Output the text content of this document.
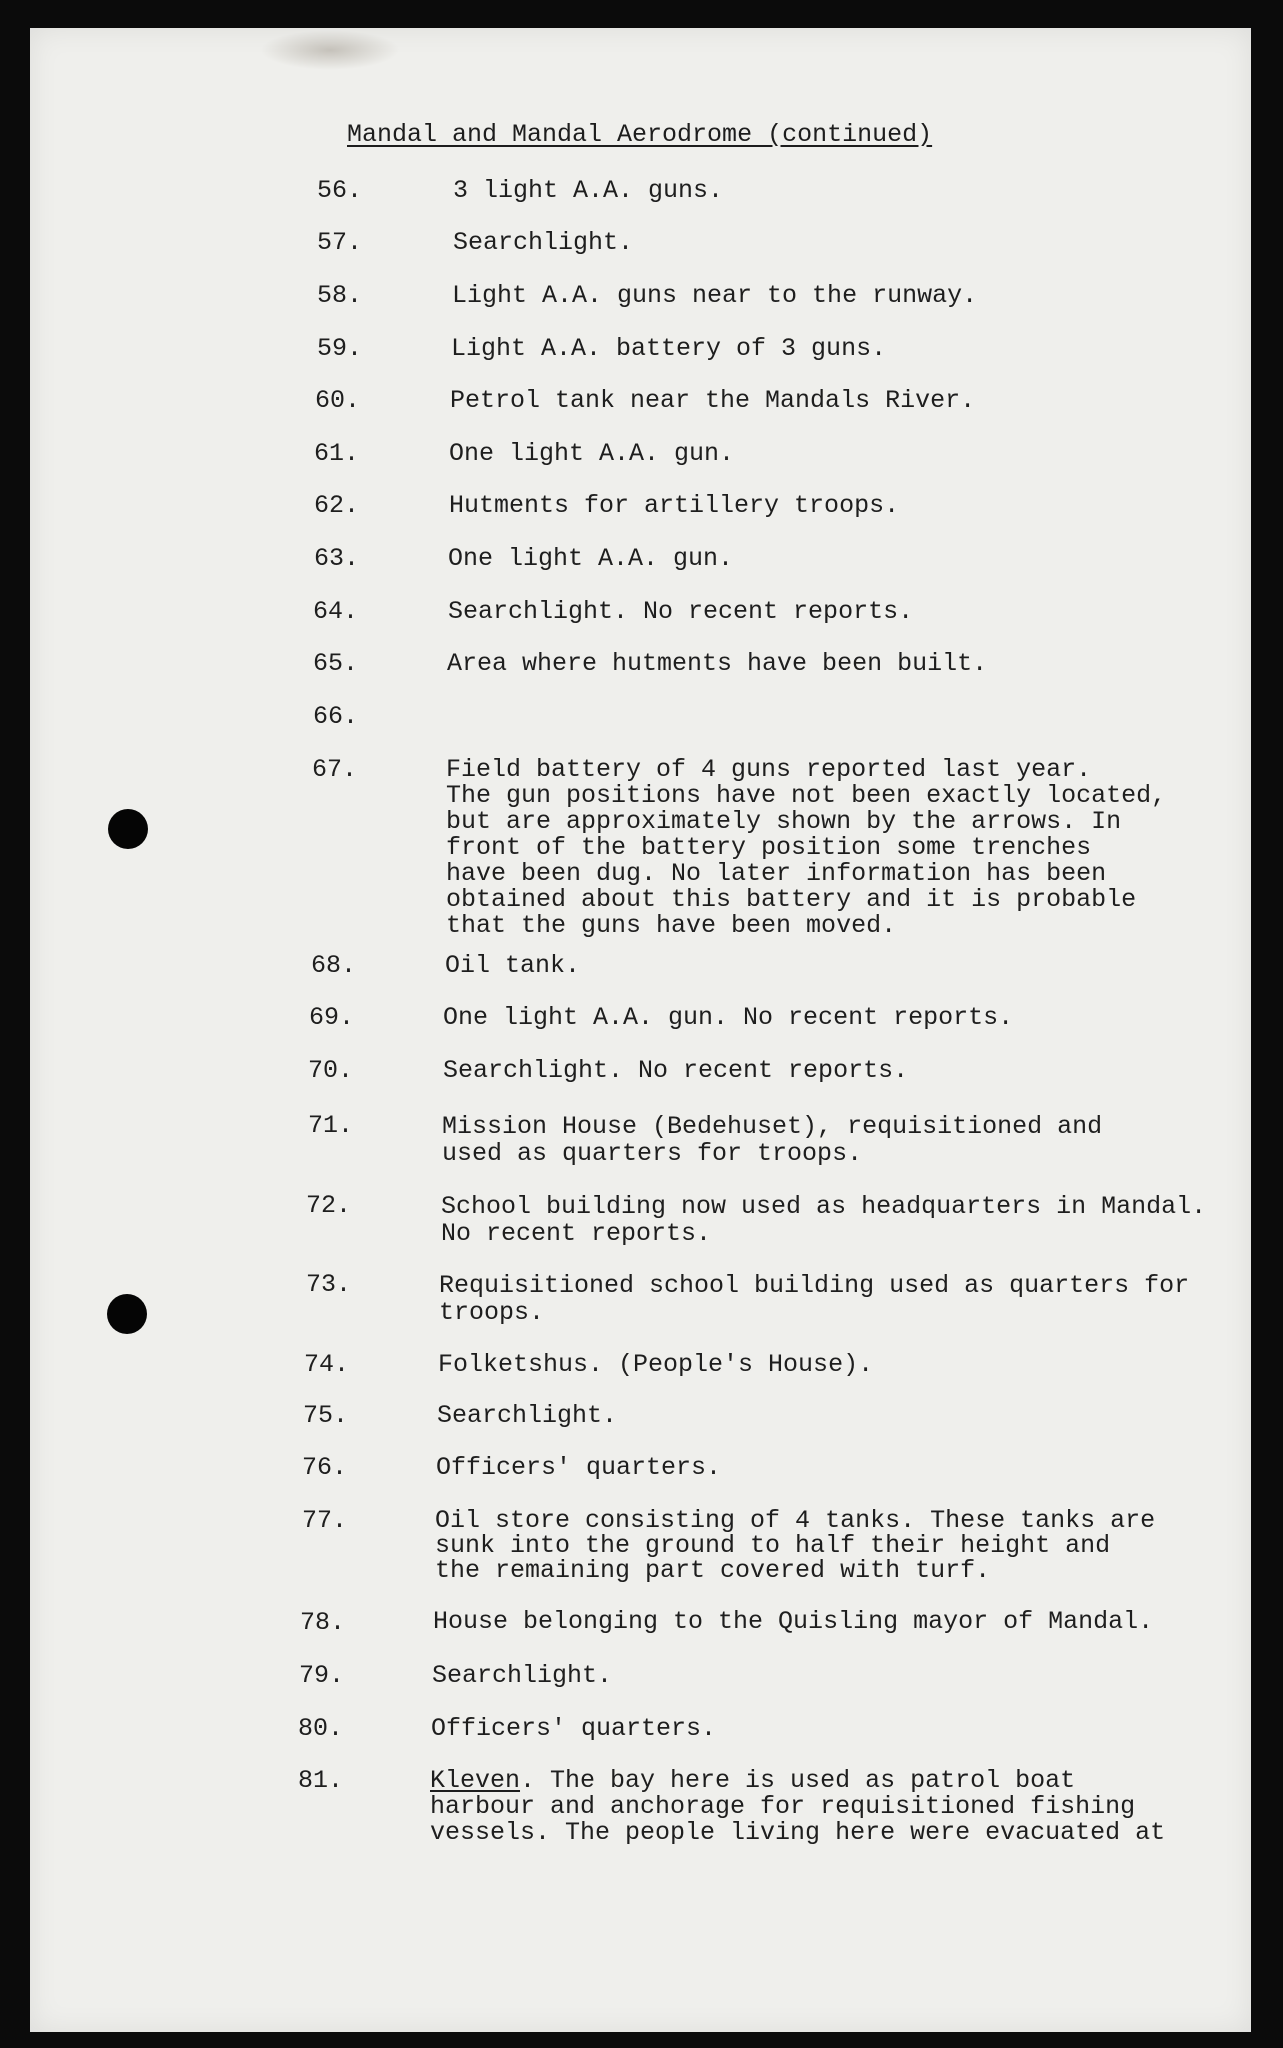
Mandal and Mandal Aerodrome (continued)
56.	3 light A.A. guns.
57.	Searchlight.
58.	Light A.A. guns near to the runway.
59.	Light A.A. battery of 3 guns.
60.	Petrol tank near the Mandals River.
61.	One light A.A. gun.
62.	Hutments for artillery troops.
63.	One light A.A. gun.
64.	Searchlight. No recent reports.
65.	Area where hutments have been built.
66.
67.	Field battery of 4 guns reported last year.
The gun positions have not been exactly located,
but are approximately shown by the arrows. In
front of the battery position some trenches
have been dug. No later information has been
obtained about this battery and it is probable
that the guns have been moved.
68.	Oil tank.
69.	One light A.A. gun. No recent reports.
70.	Searchlight. No recent reports.
71.	Mission House (Bedehuset), requisitioned and
used as quarters for troops.
72.	School building now used as headquarters in Mandal.
No recent reports.
73.	Requisitioned school building used as quarters for
troops.
74.	Folketshus. (People's House).
75.	Searchlight.
76.	Officers' quarters.
77.	Oil store consisting of 4 tanks. These tanks are
sunk into the ground to half their height and
the remaining part covered with turf.
78.	House belonging to the Quisling mayor of Mandal.
79.	Searchlight.
80.	Officers' quarters.
81.	Kleven. The bay here is used as patrol boat
harbour and anchorage for requisitioned fishing
vessels. The people living here were evacuated at
